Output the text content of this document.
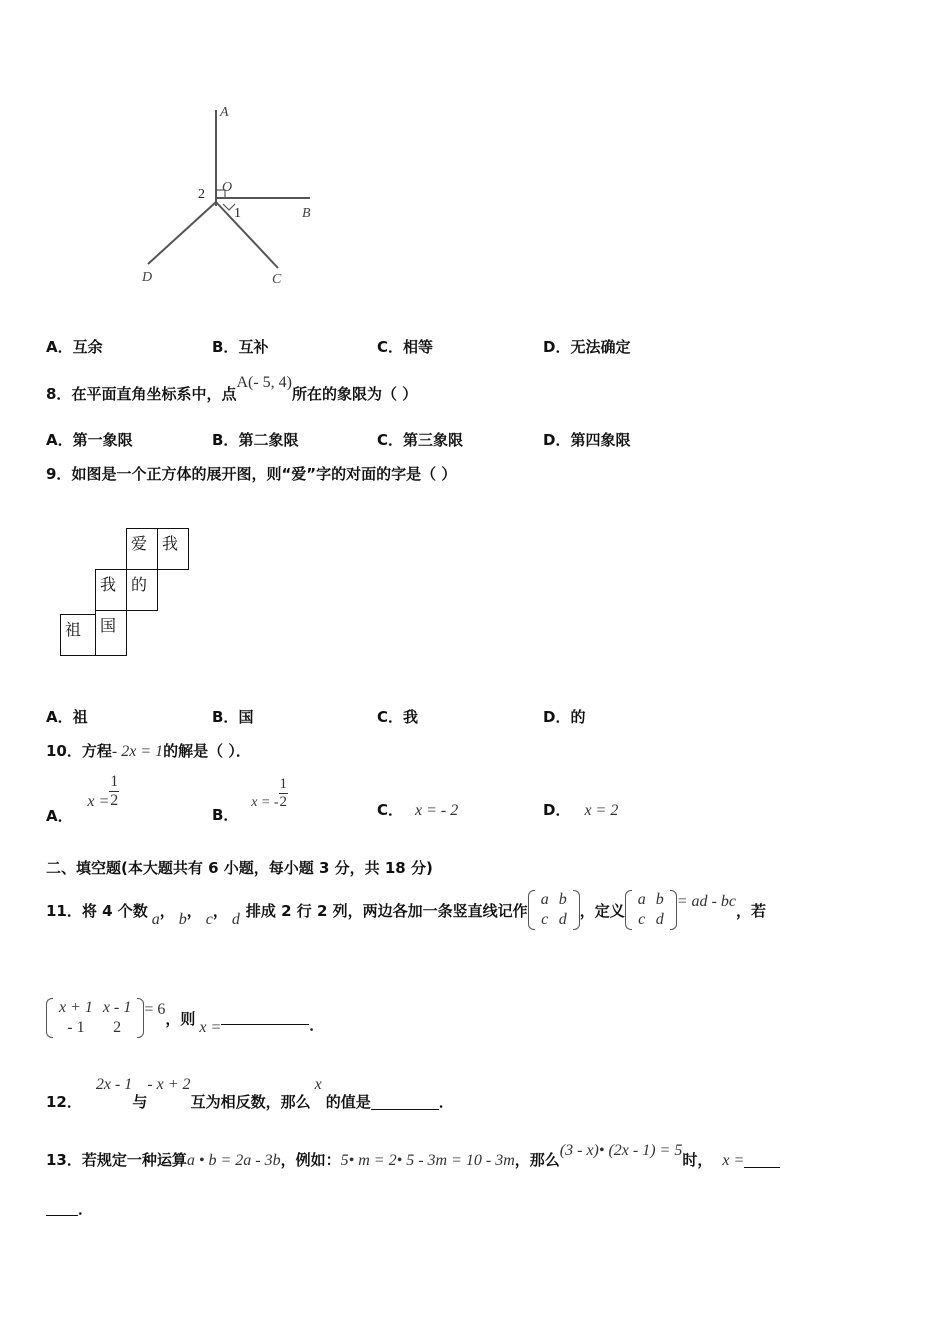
A
O
B
C
D
2
1
A．互余	B．互补	C．相等	D．无法确定
8．在平面直角坐标系中，点A(- 5, 4)所在的象限为（ ）
A．第一象限	B．第二象限	C．第三象限	D．第四象限
9．如图是一个正方体的展开图，则“爱”字的对面的字是（ ）
爱 我
我 的
祖	国
A．祖	B．国	C．我	D．的
10．方程- 2x = 1的解是（ ）．
A． $x = \frac{1}{2}$
B． x = - $\frac{1}{2}$	C． x = - 2	D． x = 2
二、填空题(本大题共有 6 小题，每小题 3 分，共 18 分)
11． 将 4 个数 a ， b ， c ， d 排成 2 行 2 列，两边各加一条竖直线记作
a	b
c	d ，定义
a	b
c	d
= ad - bc ，若
x + 1	x - 1
- 1	2
= 6 ，则 x =	．
12．
2x - 1
与
- x + 2
互为相反数，那么
x
的值是	．
13． 若规定一种运算 a • b = 2a - 3b ，例如： 5• m = 2• 5 - 3m = 10 - 3m ，那么
(3 - x)• (2x - 1) = 5
时， x =
．
